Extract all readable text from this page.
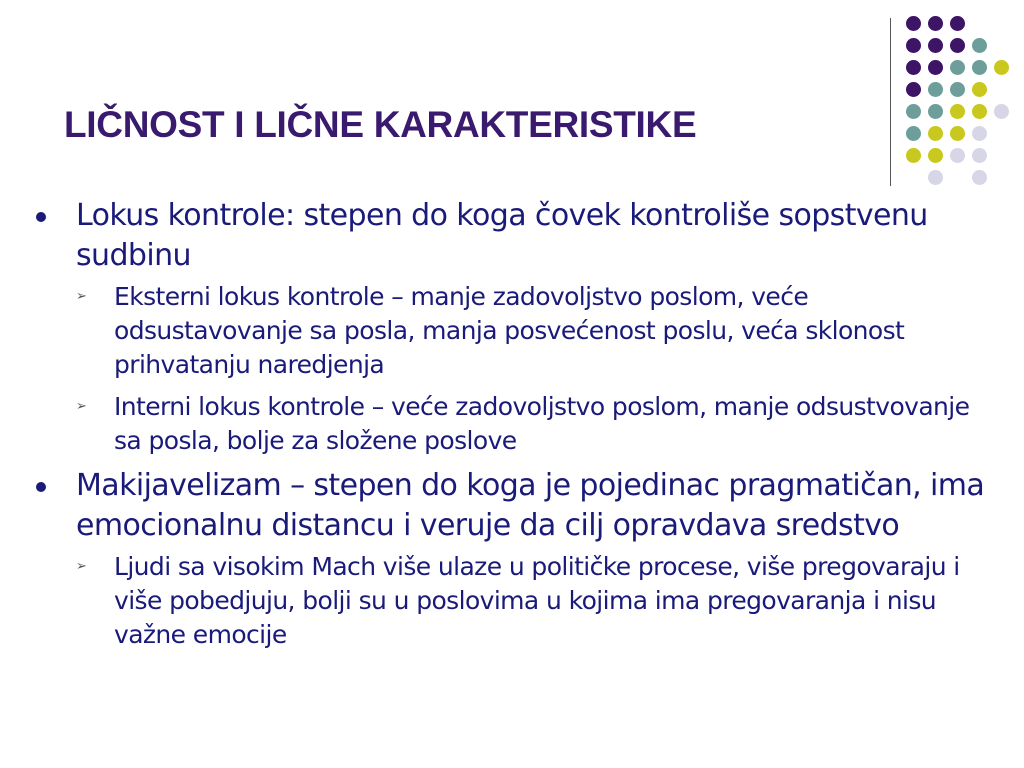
LIČNOST I LIČNE KARAKTERISTIKE
Lokus kontrole: stepen do koga čovek kontroliše sopstvenu sudbinu
➢ Eksterni lokus kontrole – manje zadovoljstvo poslom, veće odsustavovanje sa posla, manja posvećenost poslu, veća sklonost prihvatanju naredjenja
➢ Interni lokus kontrole – veće zadovoljstvo poslom, manje odsustvovanje sa posla, bolje za složene poslove
Makijavelizam – stepen do koga je pojedinac pragmatičan, ima emocionalnu distancu i veruje da cilj opravdava sredstvo
➢ Ljudi sa visokim Mach više ulaze u političke procese, više pregovaraju i više pobedjuju, bolji su u poslovima u kojima ima pregovaranja i nisu važne emocije
